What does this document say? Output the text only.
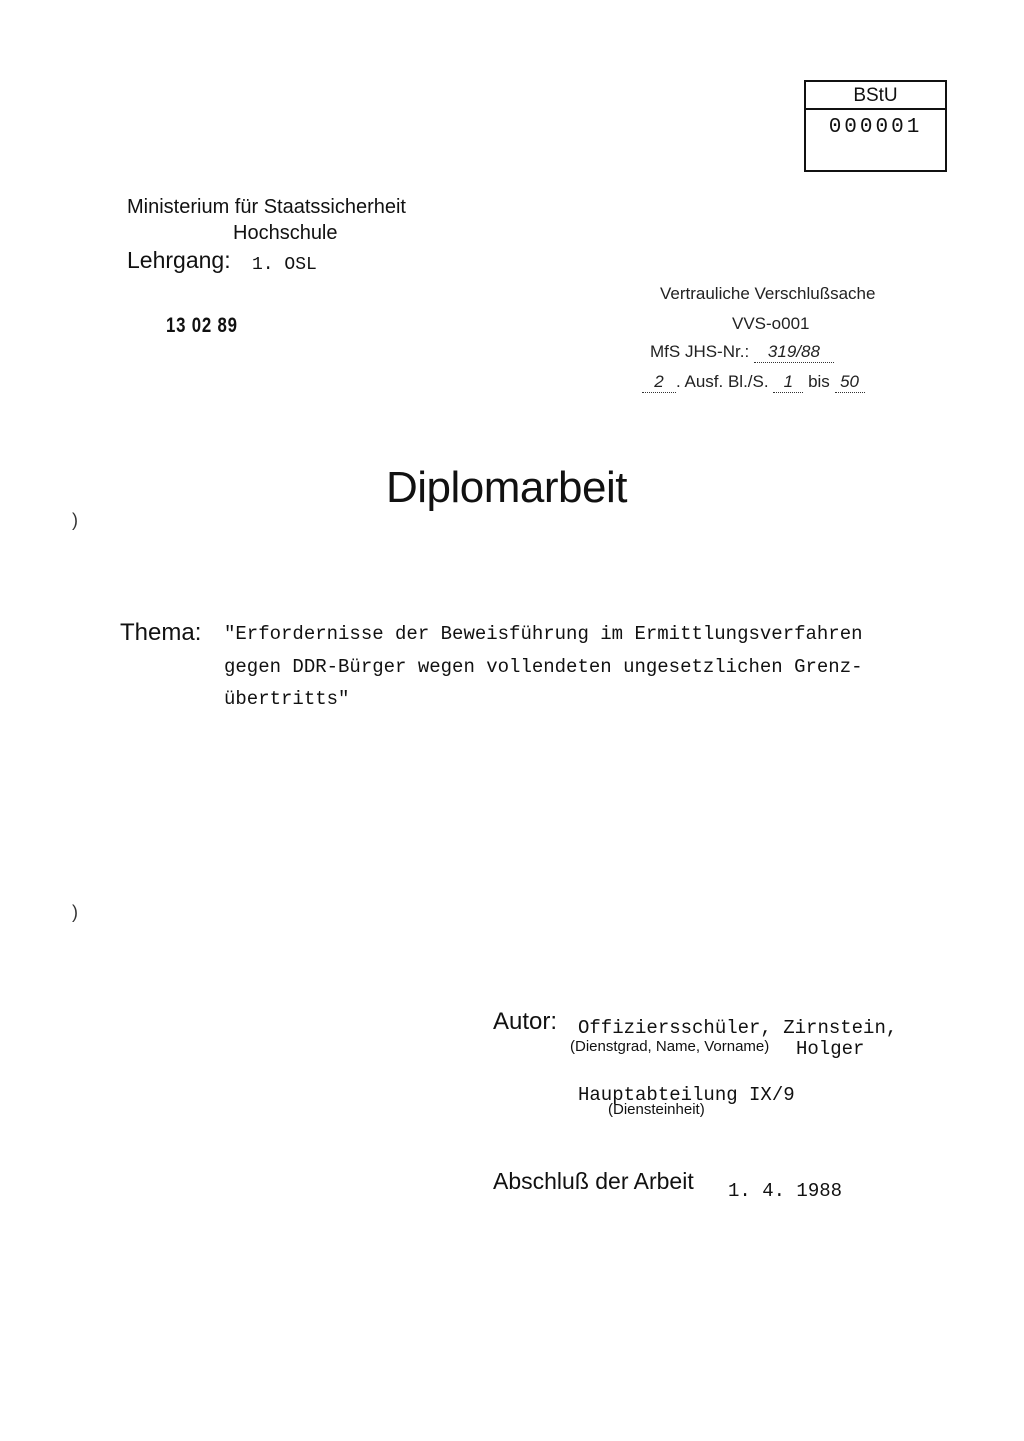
BStU
000001
Ministerium für Staatssicherheit
Hochschule
Lehrgang: 1. OSL
13 02 89
Vertrauliche Verschlußsache
VVS-o001
MfS JHS-Nr.: 319/88
2 . Ausf. Bl./S. 1 bis 50
Diplomarbeit
Thema: "Erfordernisse der Beweisführung im Ermittlungsverfahren
gegen DDR-Bürger wegen vollendeten ungesetzlichen Grenz-
übertritts"
)
)
Autor: Offiziersschüler, Zirnstein,
(Dienstgrad, Name, Vorname) Holger
Hauptabteilung IX/9
(Diensteinheit)
Abschluß der Arbeit 1. 4. 1988
